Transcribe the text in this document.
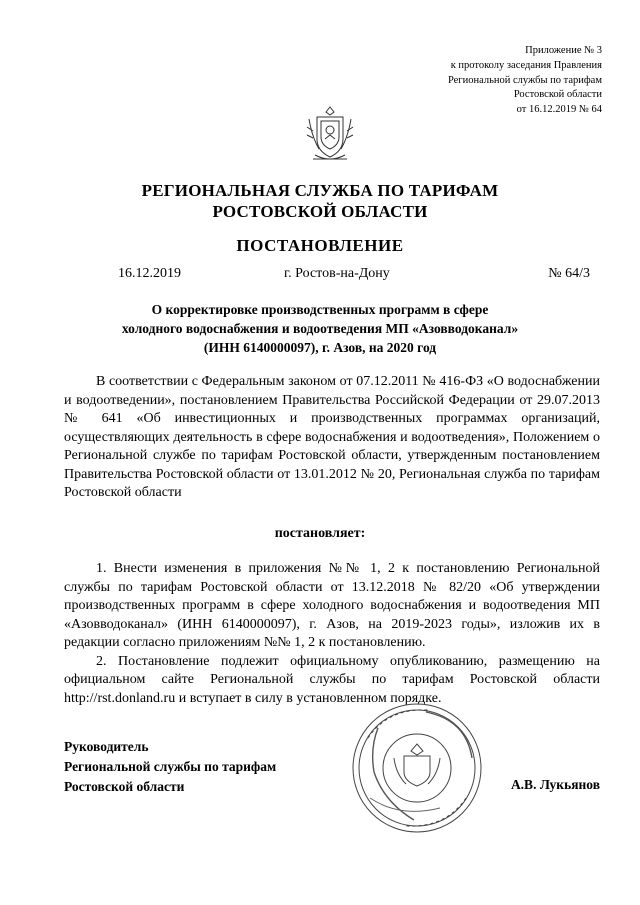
Приложение № 3
к протоколу заседания Правления
Региональной службы по тарифам
Ростовской области
от 16.12.2019 № 64
РЕГИОНАЛЬНАЯ СЛУЖБА ПО ТАРИФАМ
РОСТОВСКОЙ ОБЛАСТИ
ПОСТАНОВЛЕНИЕ
16.12.2019	г. Ростов-на-Дону	№ 64/3
О корректировке производственных программ в сфере
холодного водоснабжения и водоотведения МП «Азовводоканал»
(ИНН 6140000097), г. Азов, на 2020 год

В соответствии с Федеральным законом от 07.12.2011 № 416-ФЗ «О водоснабжении и водоотведении», постановлением Правительства Российской Федерации от 29.07.2013 № 641 «Об инвестиционных и производственных программах организаций, осуществляющих деятельность в сфере водоснабжения и водоотведения», Положением о Региональной службе по тарифам Ростовской области, утвержденным постановлением Правительства Ростовской области от 13.01.2012 № 20, Региональная служба по тарифам Ростовской области

постановляет:

1. Внести изменения в приложения №№ 1, 2 к постановлению Региональной службы по тарифам Ростовской области от 13.12.2018 № 82/20 «Об утверждении производственных программ в сфере холодного водоснабжения и водоотведения МП «Азовводоканал» (ИНН 6140000097), г. Азов, на 2019-2023 годы», изложив их в редакции согласно приложениям №№ 1, 2 к постановлению.

2. Постановление подлежит официальному опубликованию, размещению на официальном сайте Региональной службы по тарифам Ростовской области http://rst.donland.ru и вступает в силу в установленном порядке.

Руководитель
Региональной службы по тарифам
Ростовской области	А.В. Лукьянов
